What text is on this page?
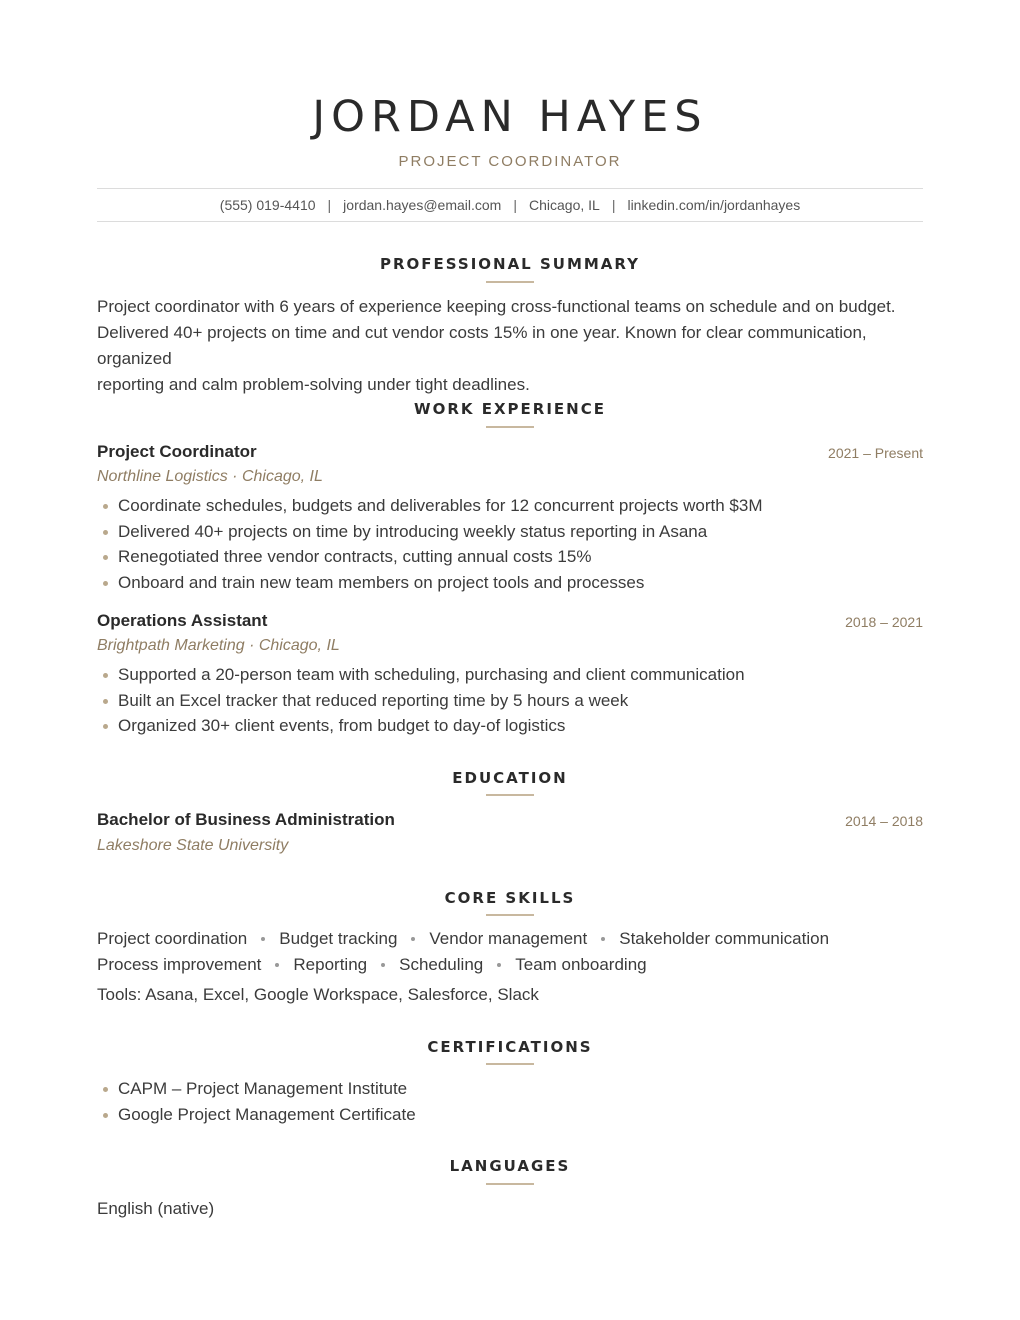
JORDAN HAYES
PROJECT COORDINATOR
(555) 019-4410 | jordan.hayes@email.com | Chicago, IL | linkedin.com/in/jordanhayes
PROFESSIONAL SUMMARY
Project coordinator with 6 years of experience keeping cross-functional teams on schedule and on budget.
Delivered 40+ projects on time and cut vendor costs 15% in one year. Known for clear communication, organized
reporting and calm problem-solving under tight deadlines.
WORK EXPERIENCE
Project Coordinator	2021 – Present
Northline Logistics · Chicago, IL
Coordinate schedules, budgets and deliverables for 12 concurrent projects worth $3M
Delivered 40+ projects on time by introducing weekly status reporting in Asana
Renegotiated three vendor contracts, cutting annual costs 15%
Onboard and train new team members on project tools and processes
Operations Assistant	2018 – 2021
Brightpath Marketing · Chicago, IL
Supported a 20-person team with scheduling, purchasing and client communication
Built an Excel tracker that reduced reporting time by 5 hours a week
Organized 30+ client events, from budget to day-of logistics
EDUCATION
Bachelor of Business Administration	2014 – 2018
Lakeshore State University
CORE SKILLS
Project coordination Budget tracking Vendor management Stakeholder communication
Process improvement Reporting Scheduling Team onboarding
Tools: Asana, Excel, Google Workspace, Salesforce, Slack
CERTIFICATIONS
CAPM – Project Management Institute
Google Project Management Certificate
LANGUAGES
English (native)
